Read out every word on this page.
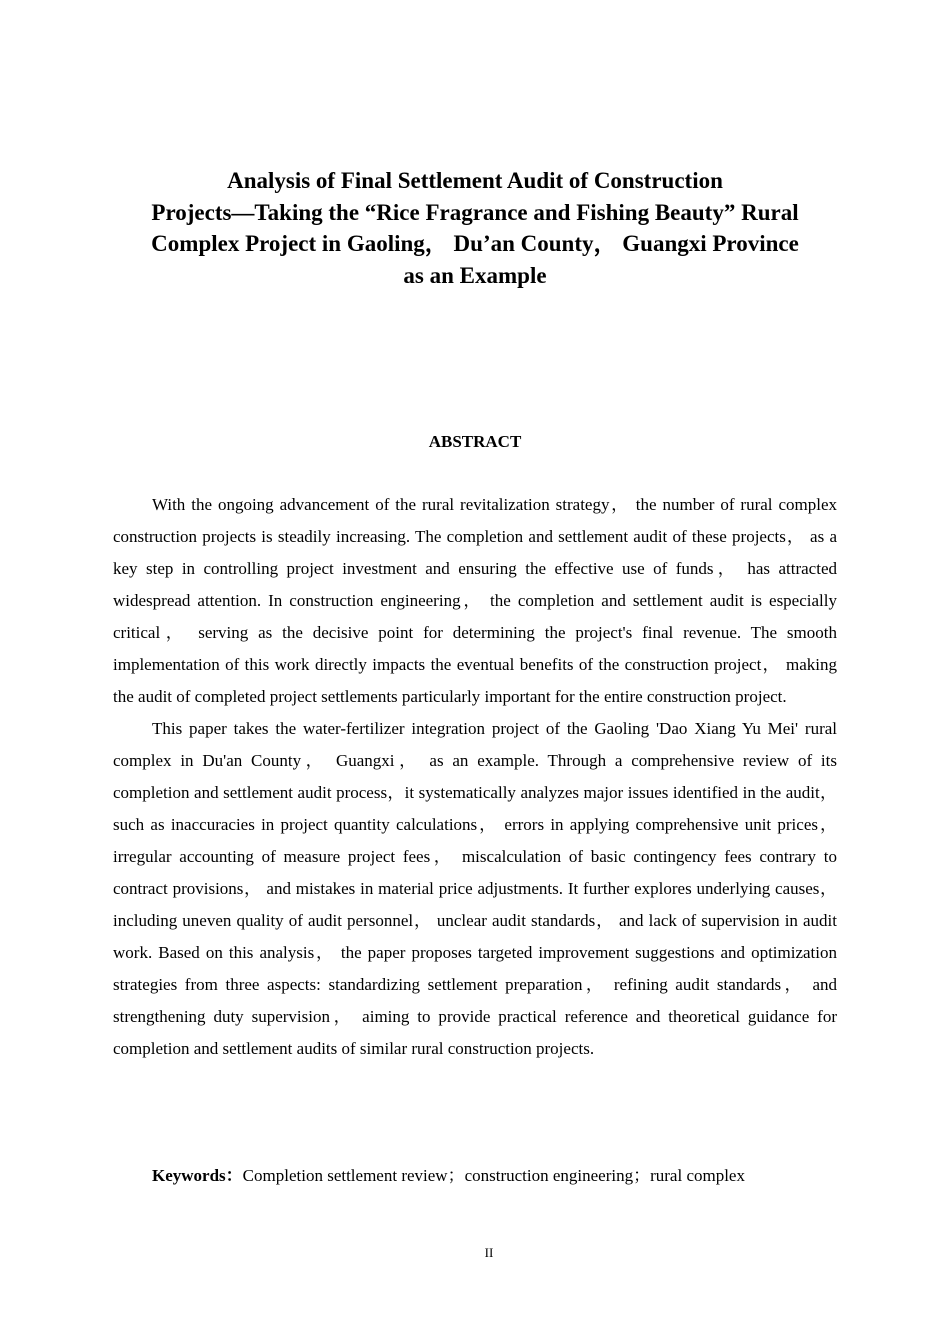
Analysis of Final Settlement Audit of Construction
Projects—Taking the “Rice Fragrance and Fishing Beauty” Rural
Complex Project in Gaoling， Du’an County， Guangxi Province
as an Example
ABSTRACT

With the ongoing advancement of the rural revitalization strategy， the number of rural complex construction projects is steadily increasing. The completion and settlement audit of these projects， as a key step in controlling project investment and ensuring the effective use of funds， has attracted widespread attention. In construction engineering， the completion and settlement audit is especially critical， serving as the decisive point for determining the project's final revenue. The smooth implementation of this work directly impacts the eventual benefits of the construction project， making the audit of completed project settlements particularly important for the entire construction project.

This paper takes the water-fertilizer integration project of the Gaoling 'Dao Xiang Yu Mei' rural complex in Du'an County， Guangxi， as an example. Through a comprehensive review of its completion and settlement audit process，it systematically analyzes major issues identified in the audit， such as inaccuracies in project quantity calculations， errors in applying comprehensive unit prices， irregular accounting of measure project fees， miscalculation of basic contingency fees contrary to contract provisions， and mistakes in material price adjustments. It further explores underlying causes，including uneven quality of audit personnel， unclear audit standards， and lack of supervision in audit work. Based on this analysis， the paper proposes targeted improvement suggestions and optimization strategies from three aspects: standardizing settlement preparation， refining audit standards， and strengthening duty supervision， aiming to provide practical reference and theoretical guidance for completion and settlement audits of similar rural construction projects.

Keywords：Completion settlement review；construction engineering；rural complex
II
